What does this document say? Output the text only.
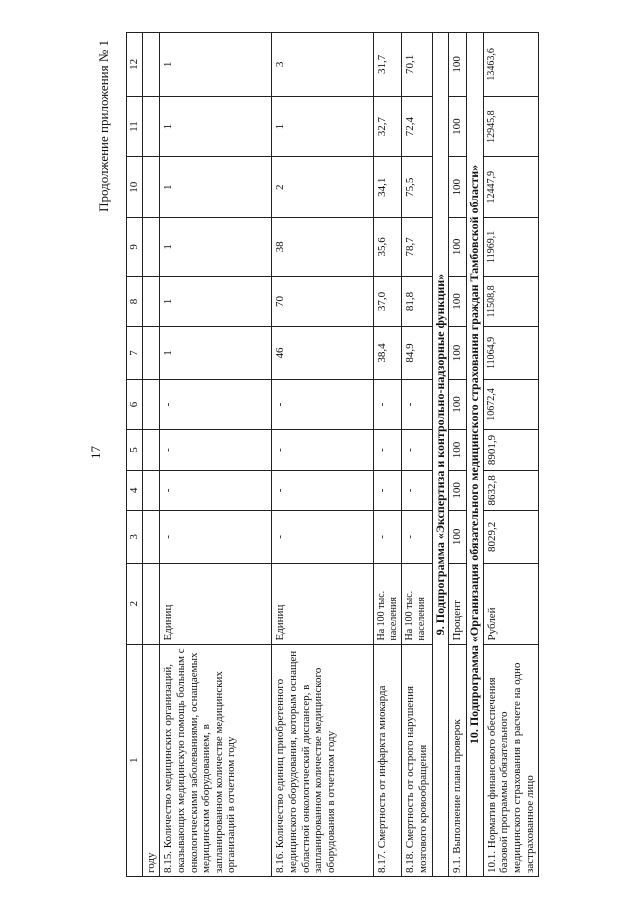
17
Продолжение приложения № 1
1	2	3	4	5	6	7	8	9	10	11	12
году											
8.15. Количество медицинских организаций, оказывающих медицинскую помощь больным с онкологическими заболеваниями, оснащаемых медицинским оборудованием, в запланированном количестве медицинских организаций в отчетном году	Единиц	-	-	-	-	1	1	1	1	1	1
8.16. Количество единиц приобретенного медицинского оборудования, которым оснащен областной онкологический диспансер, в запланированном количестве медицинского оборудования в отчетном году	Единиц	-	-	-	-	46	70	38	2	1	3
8.17. Смертность от инфаркта миокарда	На 100 тыс. населения	-	-	-	-	38,4	37,0	35,6	34,1	32,7	31,7
8.18. Смертность от острого нарушения мозгового кровообращения	На 100 тыс. населения	-	-	-	-	84,9	81,8	78,7	75,5	72,4	70,1
9. Подпрограмма «Экспертиза и контрольно-надзорные функции»											
9.1. Выполнение плана проверок	Процент	100	100	100	100	100	100	100	100	100	100
10. Подпрограмма «Организация обязательного медицинского страхования граждан Тамбовской области»											
10.1. Норматив финансового обеспечения базовой программы обязательного медицинского страхования в расчете на одно застрахованное лицо	Рублей	8029,2	8632,8	8901,9	10672,4	11064,9	11508,8	11969,1	12447,9	12945,8	13463,6
